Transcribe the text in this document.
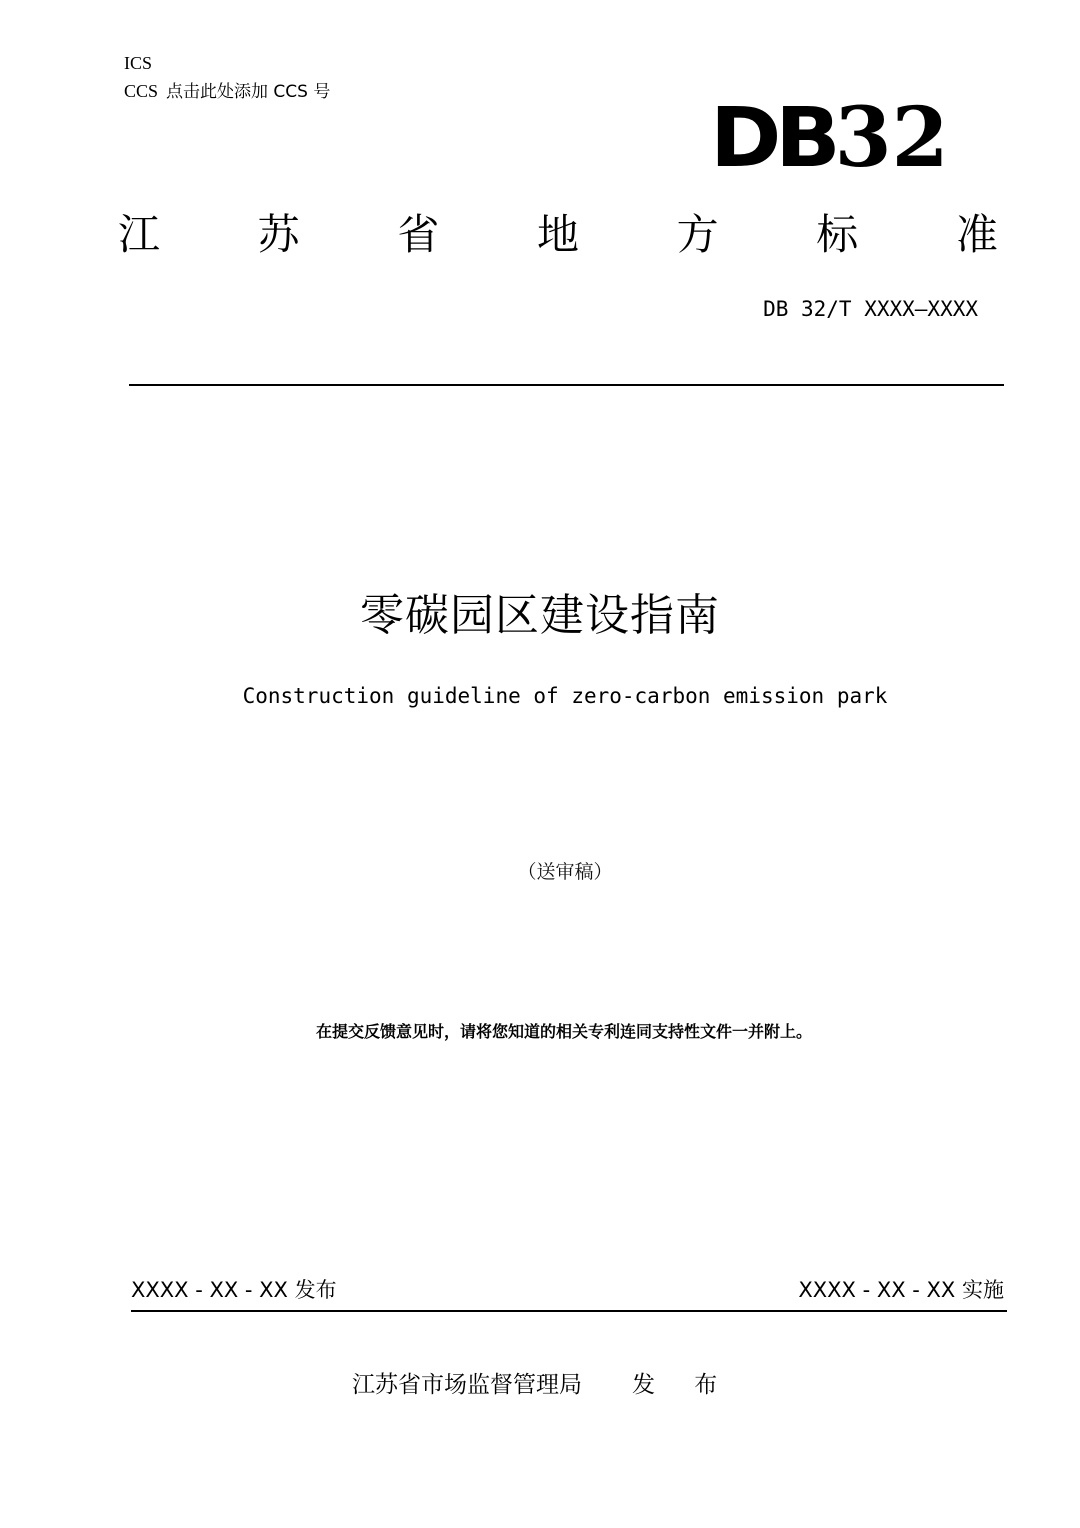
ICS
CCS 点击此处添加 CCS 号	DB32
江 苏 省 地 方 标 准
DB 32/T XXXX—XXXX
零碳园区建设指南
Construction guideline of zero-carbon emission park
（送审稿）
在提交反馈意见时，请将您知道的相关专利连同支持性文件一并附上。
XXXX - XX - XX 发布	XXXX - XX - XX 实施
江苏省市场监督管理局 发 布
